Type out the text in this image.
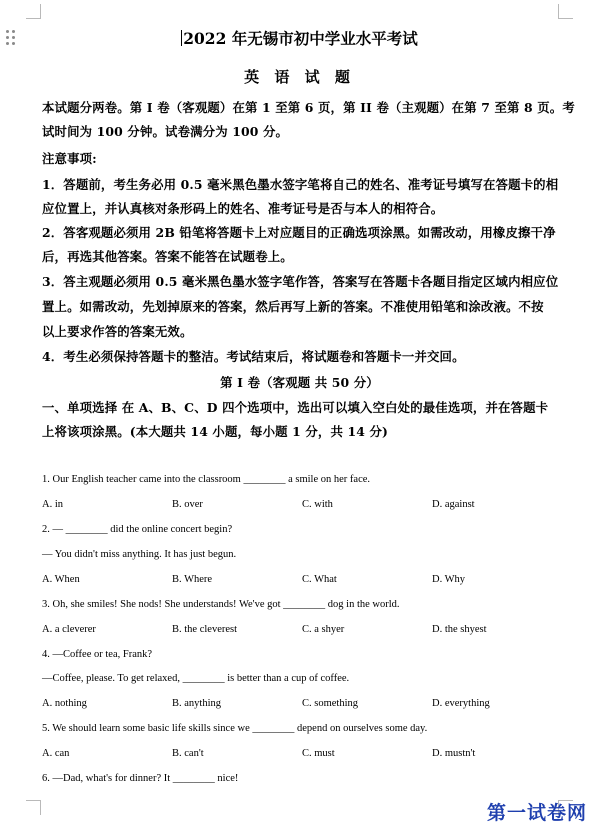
2022 年无锡市初中学业水平考试
英 语 试 题
本试题分两卷。第 I 卷（客观题）在第 1 至第 6 页，第 II 卷（主观题）在第 7 至第 8 页。考
试时间为 100 分钟。试卷满分为 100 分。
注意事项:
1．答题前，考生务必用 0.5 毫米黑色墨水签字笔将自己的姓名、准考证号填写在答题卡的相
应位置上，并认真核对条形码上的姓名、准考证号是否与本人的相符合。
2．答客观题必须用 2B 铅笔将答题卡上对应题目的正确选项涂黑。如需改动，用橡皮擦干净
后，再选其他答案。答案不能答在试题卷上。
3．答主观题必须用 0.5 毫米黑色墨水签字笔作答，答案写在答题卡各题目指定区域内相应位
置上。如需改动，先划掉原来的答案，然后再写上新的答案。不准使用铅笔和涂改液。不按
以上要求作答的答案无效。
4．考生必须保持答题卡的整洁。考试结束后，将试题卷和答题卡一并交回。
第 I 卷（客观题 共 50 分）
一、单项选择 在 A、B、C、D 四个选项中，选出可以填入空白处的最佳选项，并在答题卡
上将该项涂黑。(本大题共 14 小题，每小题 1 分，共 14 分)
1. Our English teacher came into the classroom ________ a smile on her face.
A. in	B. over	C. with	D. against
2. — ________ did the online concert begin?
— You didn't miss anything. It has just begun.
A. When	B. Where	C. What	D. Why
3. Oh, she smiles! She nods! She understands! We've got ________ dog in the world.
A. a cleverer	B. the cleverest	C. a shyer	D. the shyest
4. —Coffee or tea, Frank?
—Coffee, please. To get relaxed, ________ is better than a cup of coffee.
A. nothing	B. anything	C. something	D. everything
5. We should learn some basic life skills since we ________ depend on ourselves some day.
A. can	B. can't	C. must	D. mustn't
6. —Dad, what's for dinner? It ________ nice!
第一试卷网
